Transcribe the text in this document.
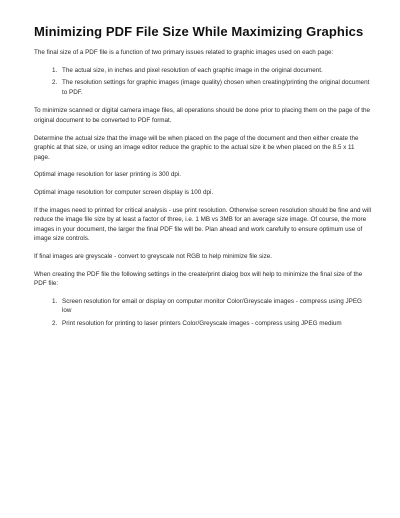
Minimizing PDF File Size While Maximizing Graphics

The final size of a PDF file is a function of two primary issues related to graphic images used on each page:

1. The actual size, in inches and pixel resolution of each graphic image in the original document.
2. The resolution settings for graphic images (image quality) chosen when creating/printing the original document to PDF.

To minimize scanned or digital camera image files, all operations should be done prior to placing them on the page of the original document to be converted to PDF format.

Determine the actual size that the image will be when placed on the page of the document and then either create the graphic at that size, or using an image editor reduce the graphic to the actual size it be when placed on the 8.5 x 11 page.

Optimal image resolution for laser printing is 300 dpi.

Optimal image resolution for computer screen display is 100 dpi.

If the images need to printed for critical analysis - use print resolution. Otherwise screen resolution should be fine and will reduce the image file size by at least a factor of three, i.e. 1 MB vs 3MB for an average size image. Of course, the more images in your document, the larger the final PDF file will be. Plan ahead and work carefully to ensure optimum use of image size controls.

If final images are greyscale - convert to greyscale not RGB to help minimize file size.

When creating the PDF file the following settings in the create/print dialog box will help to minimize the final size of the PDF file:

1. Screen resolution for email or display on computer monitor Color/Greyscale images - compress using JPEG low
2. Print resolution for printing to laser printers Color/Greyscale images - compress using JPEG medium
